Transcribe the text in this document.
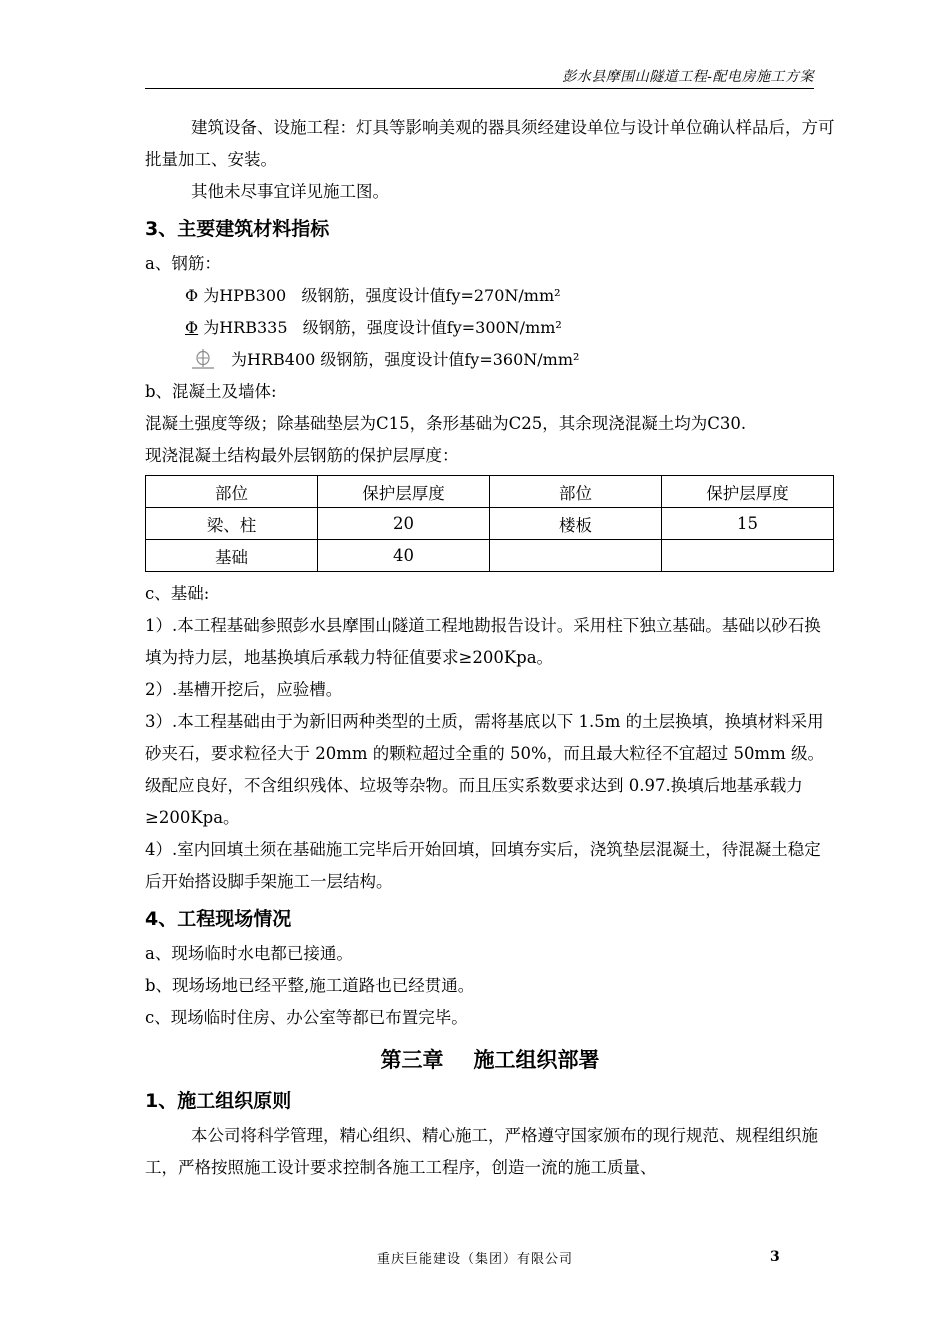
彭水县摩围山隧道工程-配电房施工方案

建筑设备、设施工程：灯具等影响美观的器具须经建设单位与设计单位确认样品后，方可批量加工、安装。

其他未尽事宜详见施工图。

3、主要建筑材料指标

a、钢筋：

Φ 为HPB300   级钢筋，强度设计值fy=270N/mm²

Φ 为HRB335   级钢筋，强度设计值fy=300N/mm²

为HRB400 级钢筋，强度设计值fy=360N/mm²

b、混凝土及墙体:

混凝土强度等级；除基础垫层为C15，条形基础为C25，其余现浇混凝土均为C30.

现浇混凝土结构最外层钢筋的保护层厚度：

部位	保护层厚度	部位	保护层厚度
梁、柱	20	楼板	15
基础	40		

c、基础:

1）.本工程基础参照彭水县摩围山隧道工程地勘报告设计。采用柱下独立基础。基础以砂石换填为持力层，地基换填后承载力特征值要求≥200Kpa。

2）.基槽开挖后，应验槽。

3）.本工程基础由于为新旧两种类型的土质，需将基底以下 1.5m 的土层换填，换填材料采用砂夹石，要求粒径大于 20mm 的颗粒超过全重的 50%，而且最大粒径不宜超过 50mm 级。级配应良好，不含组织残体、垃圾等杂物。而且压实系数要求达到 0.97.换填后地基承载力≥200Kpa。

4）.室内回填土须在基础施工完毕后开始回填，回填夯实后，浇筑垫层混凝土，待混凝土稳定后开始搭设脚手架施工一层结构。

4、工程现场情况

a、现场临时水电都已接通。

b、现场场地已经平整,施工道路也已经贯通。

c、现场临时住房、办公室等都已布置完毕。

第三章 施工组织部署
1、施工组织原则

本公司将科学管理，精心组织、精心施工，严格遵守国家颁布的现行规范、规程组织施工，严格按照施工设计要求控制各施工工程序，创造一流的施工质量、

重庆巨能建设（集团）有限公司	3
